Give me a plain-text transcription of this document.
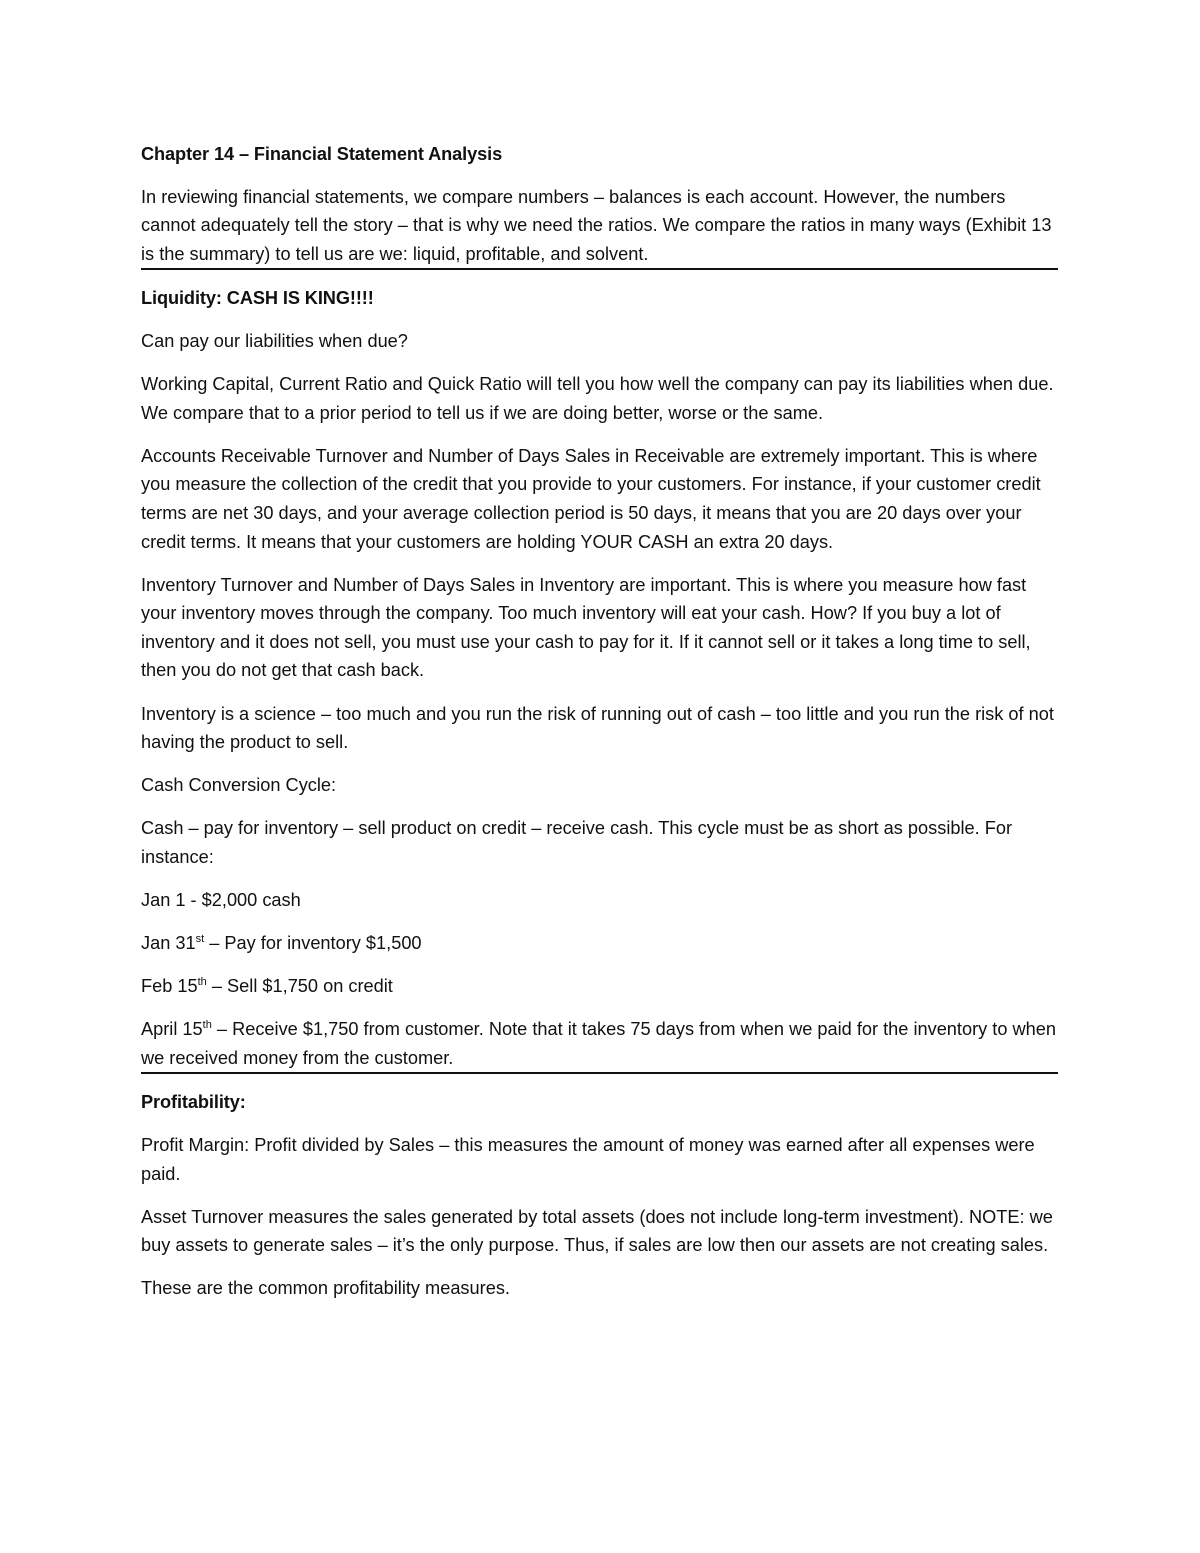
Chapter 14 – Financial Statement Analysis

In reviewing financial statements, we compare numbers – balances is each account. However, the numbers cannot adequately tell the story – that is why we need the ratios. We compare the ratios in many ways (Exhibit 13 is the summary) to tell us are we: liquid, profitable, and solvent.

Liquidity: CASH IS KING!!!!

Can pay our liabilities when due?

Working Capital, Current Ratio and Quick Ratio will tell you how well the company can pay its liabilities when due. We compare that to a prior period to tell us if we are doing better, worse or the same.

Accounts Receivable Turnover and Number of Days Sales in Receivable are extremely important. This is where you measure the collection of the credit that you provide to your customers. For instance, if your customer credit terms are net 30 days, and your average collection period is 50 days, it means that you are 20 days over your credit terms. It means that your customers are holding YOUR CASH an extra 20 days.

Inventory Turnover and Number of Days Sales in Inventory are important. This is where you measure how fast your inventory moves through the company. Too much inventory will eat your cash. How? If you buy a lot of inventory and it does not sell, you must use your cash to pay for it. If it cannot sell or it takes a long time to sell, then you do not get that cash back.

Inventory is a science – too much and you run the risk of running out of cash – too little and you run the risk of not having the product to sell.

Cash Conversion Cycle:

Cash – pay for inventory – sell product on credit – receive cash. This cycle must be as short as possible. For instance:

Jan 1 - $2,000 cash

Jan 31st – Pay for inventory $1,500

Feb 15th – Sell $1,750 on credit

April 15th – Receive $1,750 from customer. Note that it takes 75 days from when we paid for the inventory to when we received money from the customer.

Profitability:

Profit Margin: Profit divided by Sales – this measures the amount of money was earned after all expenses were paid.

Asset Turnover measures the sales generated by total assets (does not include long-term investment). NOTE: we buy assets to generate sales – it’s the only purpose. Thus, if sales are low then our assets are not creating sales.

These are the common profitability measures.
